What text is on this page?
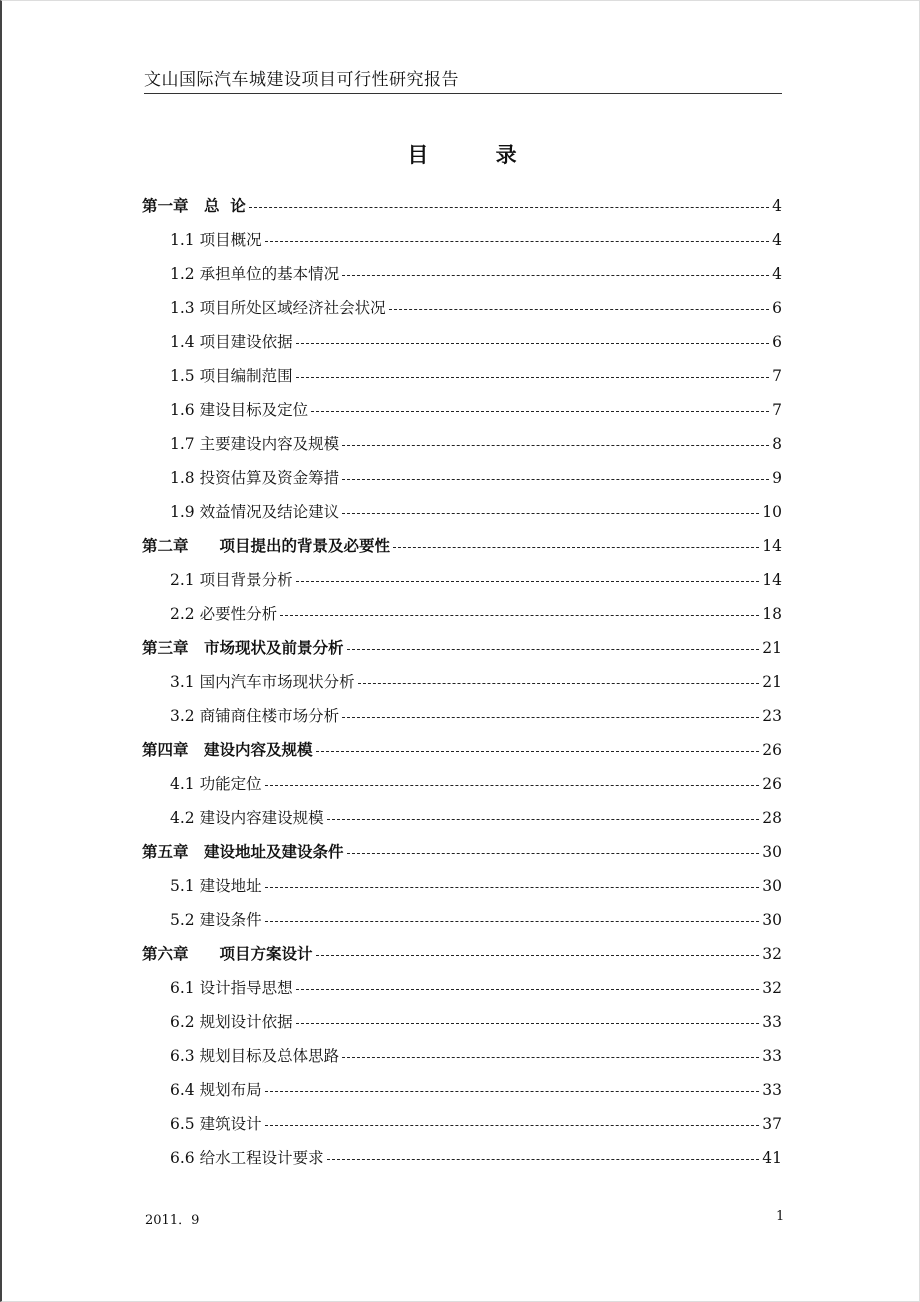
文山国际汽车城建设项目可行性研究报告
目 录
第一章　总  论	4
1.1 项目概况	4
1.2 承担单位的基本情况	4
1.3 项目所处区域经济社会状况	6
1.4 项目建设依据	6
1.5 项目编制范围	7
1.6 建设目标及定位	7
1.7 主要建设内容及规模	8
1.8 投资估算及资金筹措	9
1.9 效益情况及结论建议	10
第二章　　项目提出的背景及必要性	14
2.1 项目背景分析	14
2.2 必要性分析	18
第三章　市场现状及前景分析	21
3.1 国内汽车市场现状分析	21
3.2 商铺商住楼市场分析	23
第四章　建设内容及规模	26
4.1 功能定位	26
4.2 建设内容建设规模	28
第五章　建设地址及建设条件	30
5.1 建设地址	30
5.2 建设条件	30
第六章　　项目方案设计	32
6.1 设计指导思想	32
6.2 规划设计依据	33
6.3 规划目标及总体思路	33
6.4 规划布局	33
6.5 建筑设计	37
6.6 给水工程设计要求	41
2011．9	1
